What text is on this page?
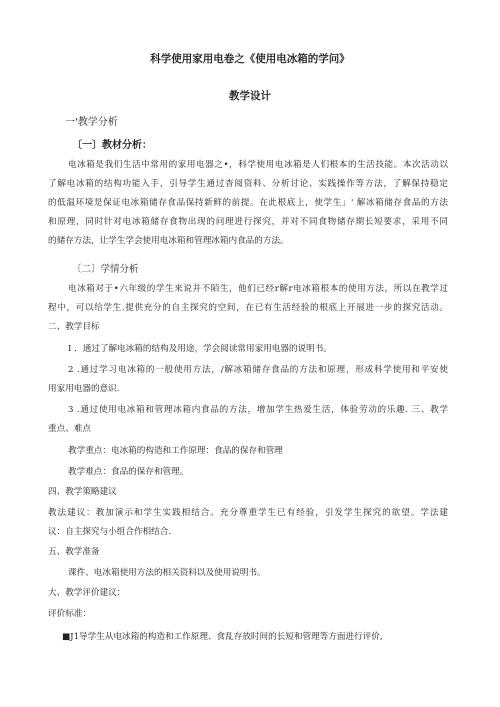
科学使用家用电卷之《使用电冰箱的学问》
教学设计
一'教学分析
〔一〕教材分析：
电冰箱是我们生活中常用的家用电器之•，科学使用电冰箱是人们根本的生活技能。本次活动以
了解电冰箱的结构功能入手，引导学生通过杳阅资料、分析讨论、实践操作等方法，了解保持稳定
的低温环境是保证电冰箱储存食品保持新鲜的前提。在此根底上，使学生」' 解冰箱储存食品的方法
和原理，同时针对电冰箱储存食物出现的问理进行探究，并对不同食物储存期长短要求，采用不同
的储存方法，让学生学会使用电冰箱和管理冰箱内食品的方法。
〔二〕学情分析
电冰箱对于•六年级的学生来说并不陌生，他们已经r解r电冰箱根本的使用方法，所以在教学过
程中，可以给学生.提供充分的自主探究的空间，在已有生活经验的根底上开展进一步的探究活动。
二、教学目标
I ．通过了解电冰箱的结构及用途，学会阅读常用家用电器的说明书。
2 .通过学习电冰箱的一般使用方法，/解冰箱储存食品的方法和原理，形成科学使用和平安使
用家用电器的意识.
3 .通过使用电冰箱和管理冰箱内食品的方法，增加学生热爱生活，体验劳动的乐趣. 三、教学
重点、难点
教学重点：电冰箱的构造和工作原理：食品的保存和管理
教学难点：食品的保存和管理。
四、教学策略建议
教法建议：教加演示和学生实践相结合。充分尊重学生已有经验，引发学生探究的欲望。学法建
议：自主探究与小组合作相结合.
五、教学准备
课件、电冰箱使用方法的相关资料以及使用说明书。
大、教学评价建议：
评价标准：
■J1导学生从电冰箱的构造和工作原理、食乱存放时间的长短和管理等方面进行评价,
